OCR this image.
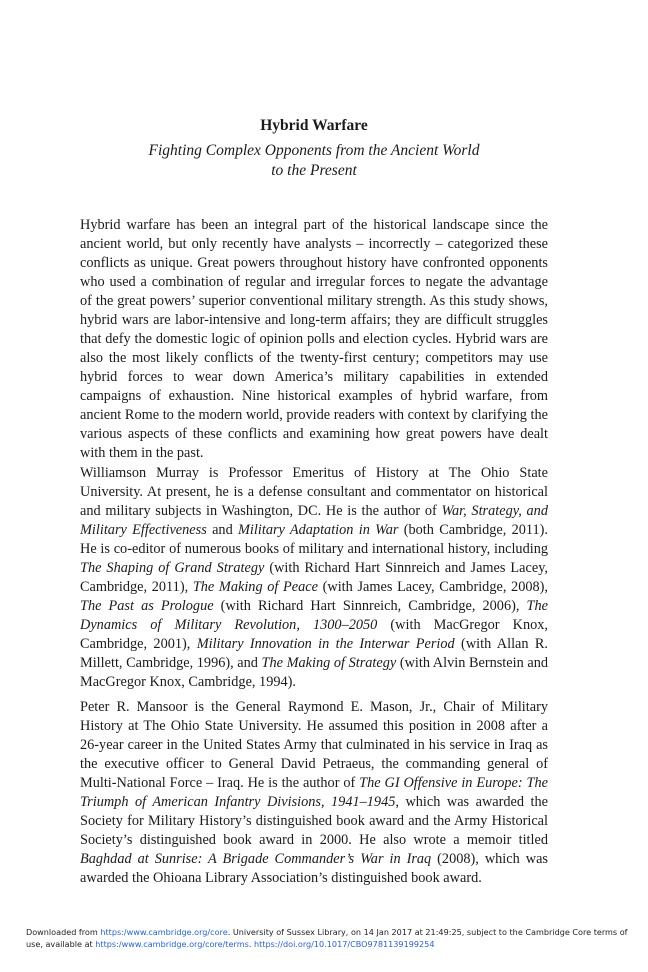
Hybrid Warfare

Fighting Complex Opponents from the Ancient World
to the Present

Hybrid warfare has been an integral part of the historical landscape since the ancient world, but only recently have analysts – incorrectly – categorized these conflicts as unique. Great powers throughout history have confronted opponents who used a combination of regular and irregular forces to negate the advantage of the great powers’ superior conventional military strength. As this study shows, hybrid wars are labor-intensive and long-term affairs; they are difficult struggles that defy the domestic logic of opinion polls and election cycles. Hybrid wars are also the most likely conflicts of the twenty-first century; competitors may use hybrid forces to wear down America’s military capabilities in extended campaigns of exhaustion. Nine historical examples of hybrid warfare, from ancient Rome to the modern world, provide readers with context by clarifying the various aspects of these conflicts and examining how great powers have dealt with them in the past.

Williamson Murray is Professor Emeritus of History at The Ohio State University. At present, he is a defense consultant and commentator on historical and military subjects in Washington, DC. He is the author of War, Strategy, and Military Effectiveness and Military Adaptation in War (both Cambridge, 2011). He is co-editor of numerous books of military and international history, including The Shaping of Grand Strategy (with Richard Hart Sinnreich and James Lacey, Cambridge, 2011), The Making of Peace (with James Lacey, Cambridge, 2008), The Past as Prologue (with Richard Hart Sinnreich, Cambridge, 2006), The Dynamics of Military Revolution, 1300–2050 (with MacGregor Knox, Cambridge, 2001), Military Innovation in the Interwar Period (with Allan R. Millett, Cambridge, 1996), and The Making of Strategy (with Alvin Bernstein and MacGregor Knox, Cambridge, 1994).

Peter R. Mansoor is the General Raymond E. Mason, Jr., Chair of Military History at The Ohio State University. He assumed this position in 2008 after a 26-year career in the United States Army that culminated in his service in Iraq as the executive officer to General David Petraeus, the commanding general of Multi-National Force – Iraq. He is the author of The GI Offensive in Europe: The Triumph of American Infantry Divisions, 1941–1945, which was awarded the Society for Military History’s distinguished book award and the Army Historical Society’s distinguished book award in 2000. He also wrote a memoir titled Baghdad at Sunrise: A Brigade Commander’s War in Iraq (2008), which was awarded the Ohioana Library Association’s distinguished book award.

Downloaded from https:/www.cambridge.org/core. University of Sussex Library, on 14 Jan 2017 at 21:49:25, subject to the Cambridge Core terms of use, available at https:/www.cambridge.org/core/terms. https://doi.org/10.1017/CBO9781139199254
